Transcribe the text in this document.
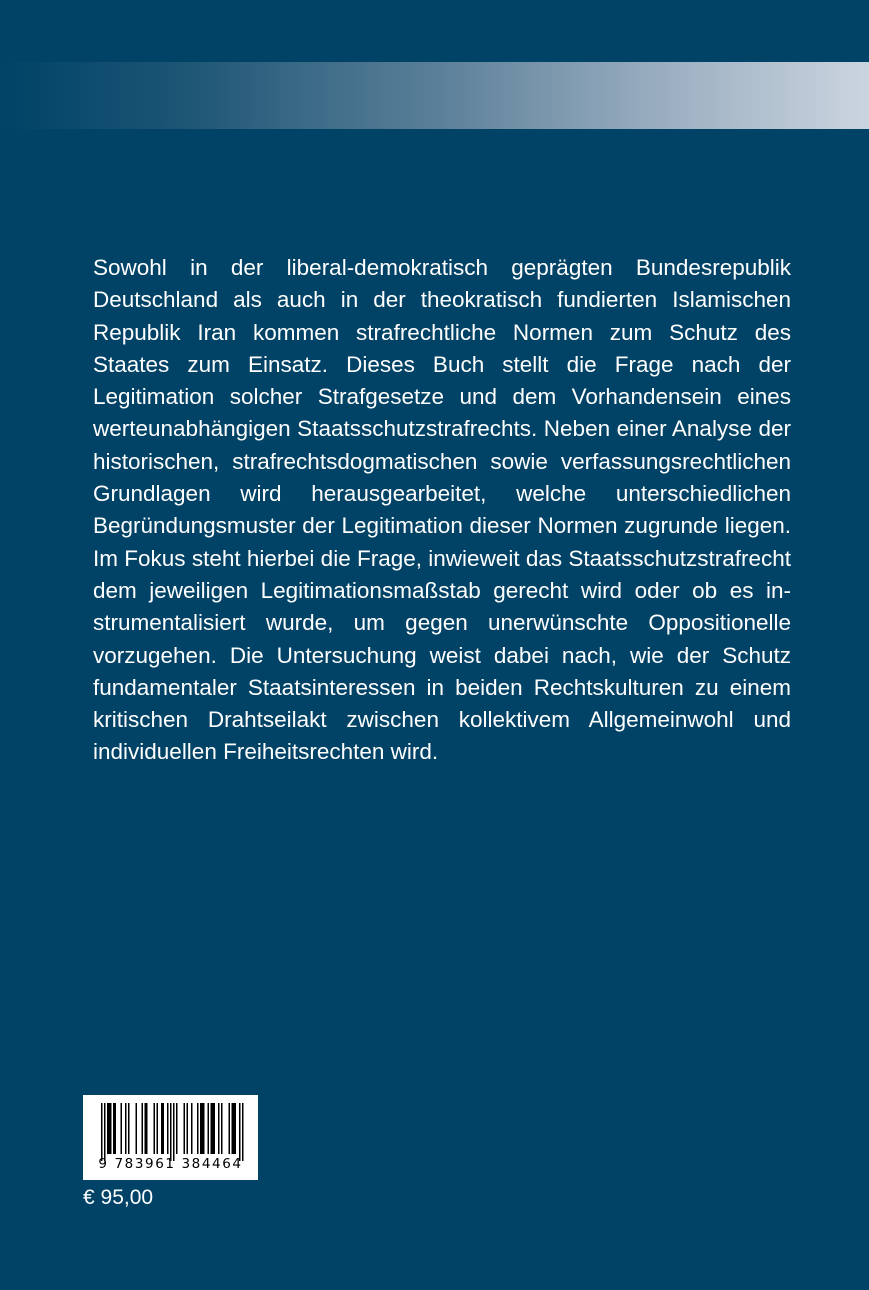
Sowohl in der liberal-demokratisch geprägten Bundesrepublik Deutschland als auch in der theokratisch fundierten Islamischen Republik Iran kommen strafrechtliche Normen zum Schutz des Staates zum Einsatz. Dieses Buch stellt die Frage nach der Legitimation solcher Strafgesetze und dem Vorhandensein eines werteunabhängigen Staatsschutzstrafrechts. Neben einer Analyse der historischen, strafrechtsdogmatischen sowie verfassungsrechtlichen Grundlagen wird herausgearbeitet, welche unterschiedlichen Begründungsmuster der Legitimation dieser Normen zugrunde liegen. Im Fokus steht hierbei die Frage, inwieweit das Staatsschutzstrafrecht dem jeweiligen Legitimationsmaßstab gerecht wird oder ob es instrumentalisiert wurde, um gegen unerwünschte Oppositionelle vorzugehen. Die Untersuchung weist dabei nach, wie der Schutz fundamentaler Staatsinteressen in beiden Rechtskulturen zu einem kritischen Drahtseilakt zwischen kollektivem Allgemeinwohl und individuellen Freiheitsrechten wird.

9 783961 384464

€ 95,00
